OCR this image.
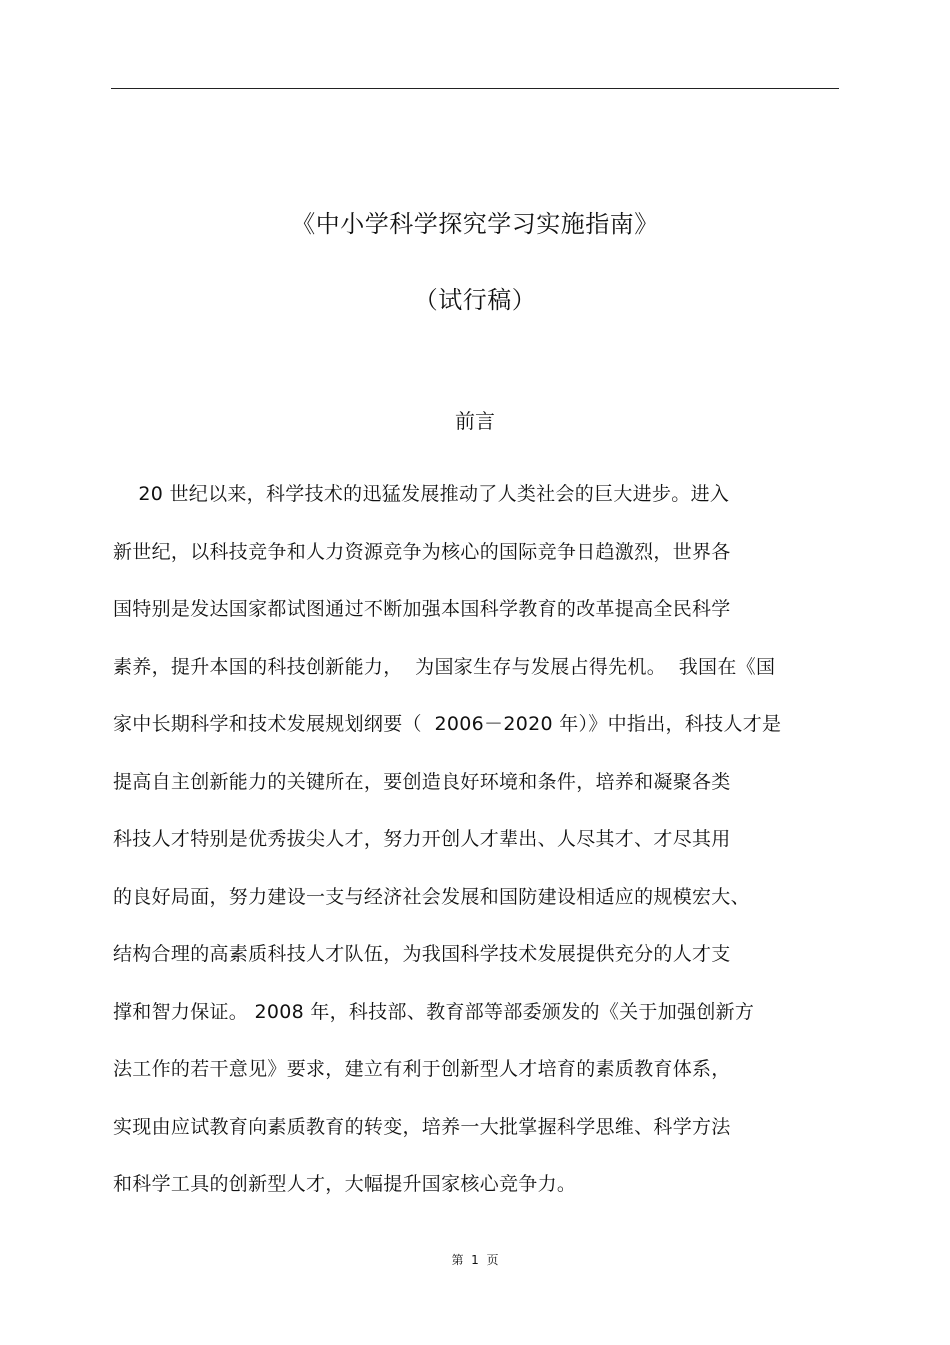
《中小学科学探究学习实施指南》
（试行稿）
前言
20 世纪以来，科学技术的迅猛发展推动了人类社会的巨大进步。进入
新世纪，以科技竞争和人力资源竞争为核心的国际竞争日趋激烈，世界各
国特别是发达国家都试图通过不断加强本国科学教育的改革提高全民科学
素养，提升本国的科技创新能力，  为国家生存与发展占得先机。  我国在《国
家中长期科学和技术发展规划纲要（  2006－2020 年）》中指出，科技人才是
提高自主创新能力的关键所在，要创造良好环境和条件，培养和凝聚各类
科技人才特别是优秀拔尖人才，努力开创人才辈出、人尽其才、才尽其用
的良好局面，努力建设一支与经济社会发展和国防建设相适应的规模宏大、
结构合理的高素质科技人才队伍，为我国科学技术发展提供充分的人才支
撑和智力保证。 2008 年，科技部、教育部等部委颁发的《关于加强创新方
法工作的若干意见》要求，建立有利于创新型人才培育的素质教育体系，
实现由应试教育向素质教育的转变，培养一大批掌握科学思维、科学方法
和科学工具的创新型人才，大幅提升国家核心竞争力。
第  1  页
